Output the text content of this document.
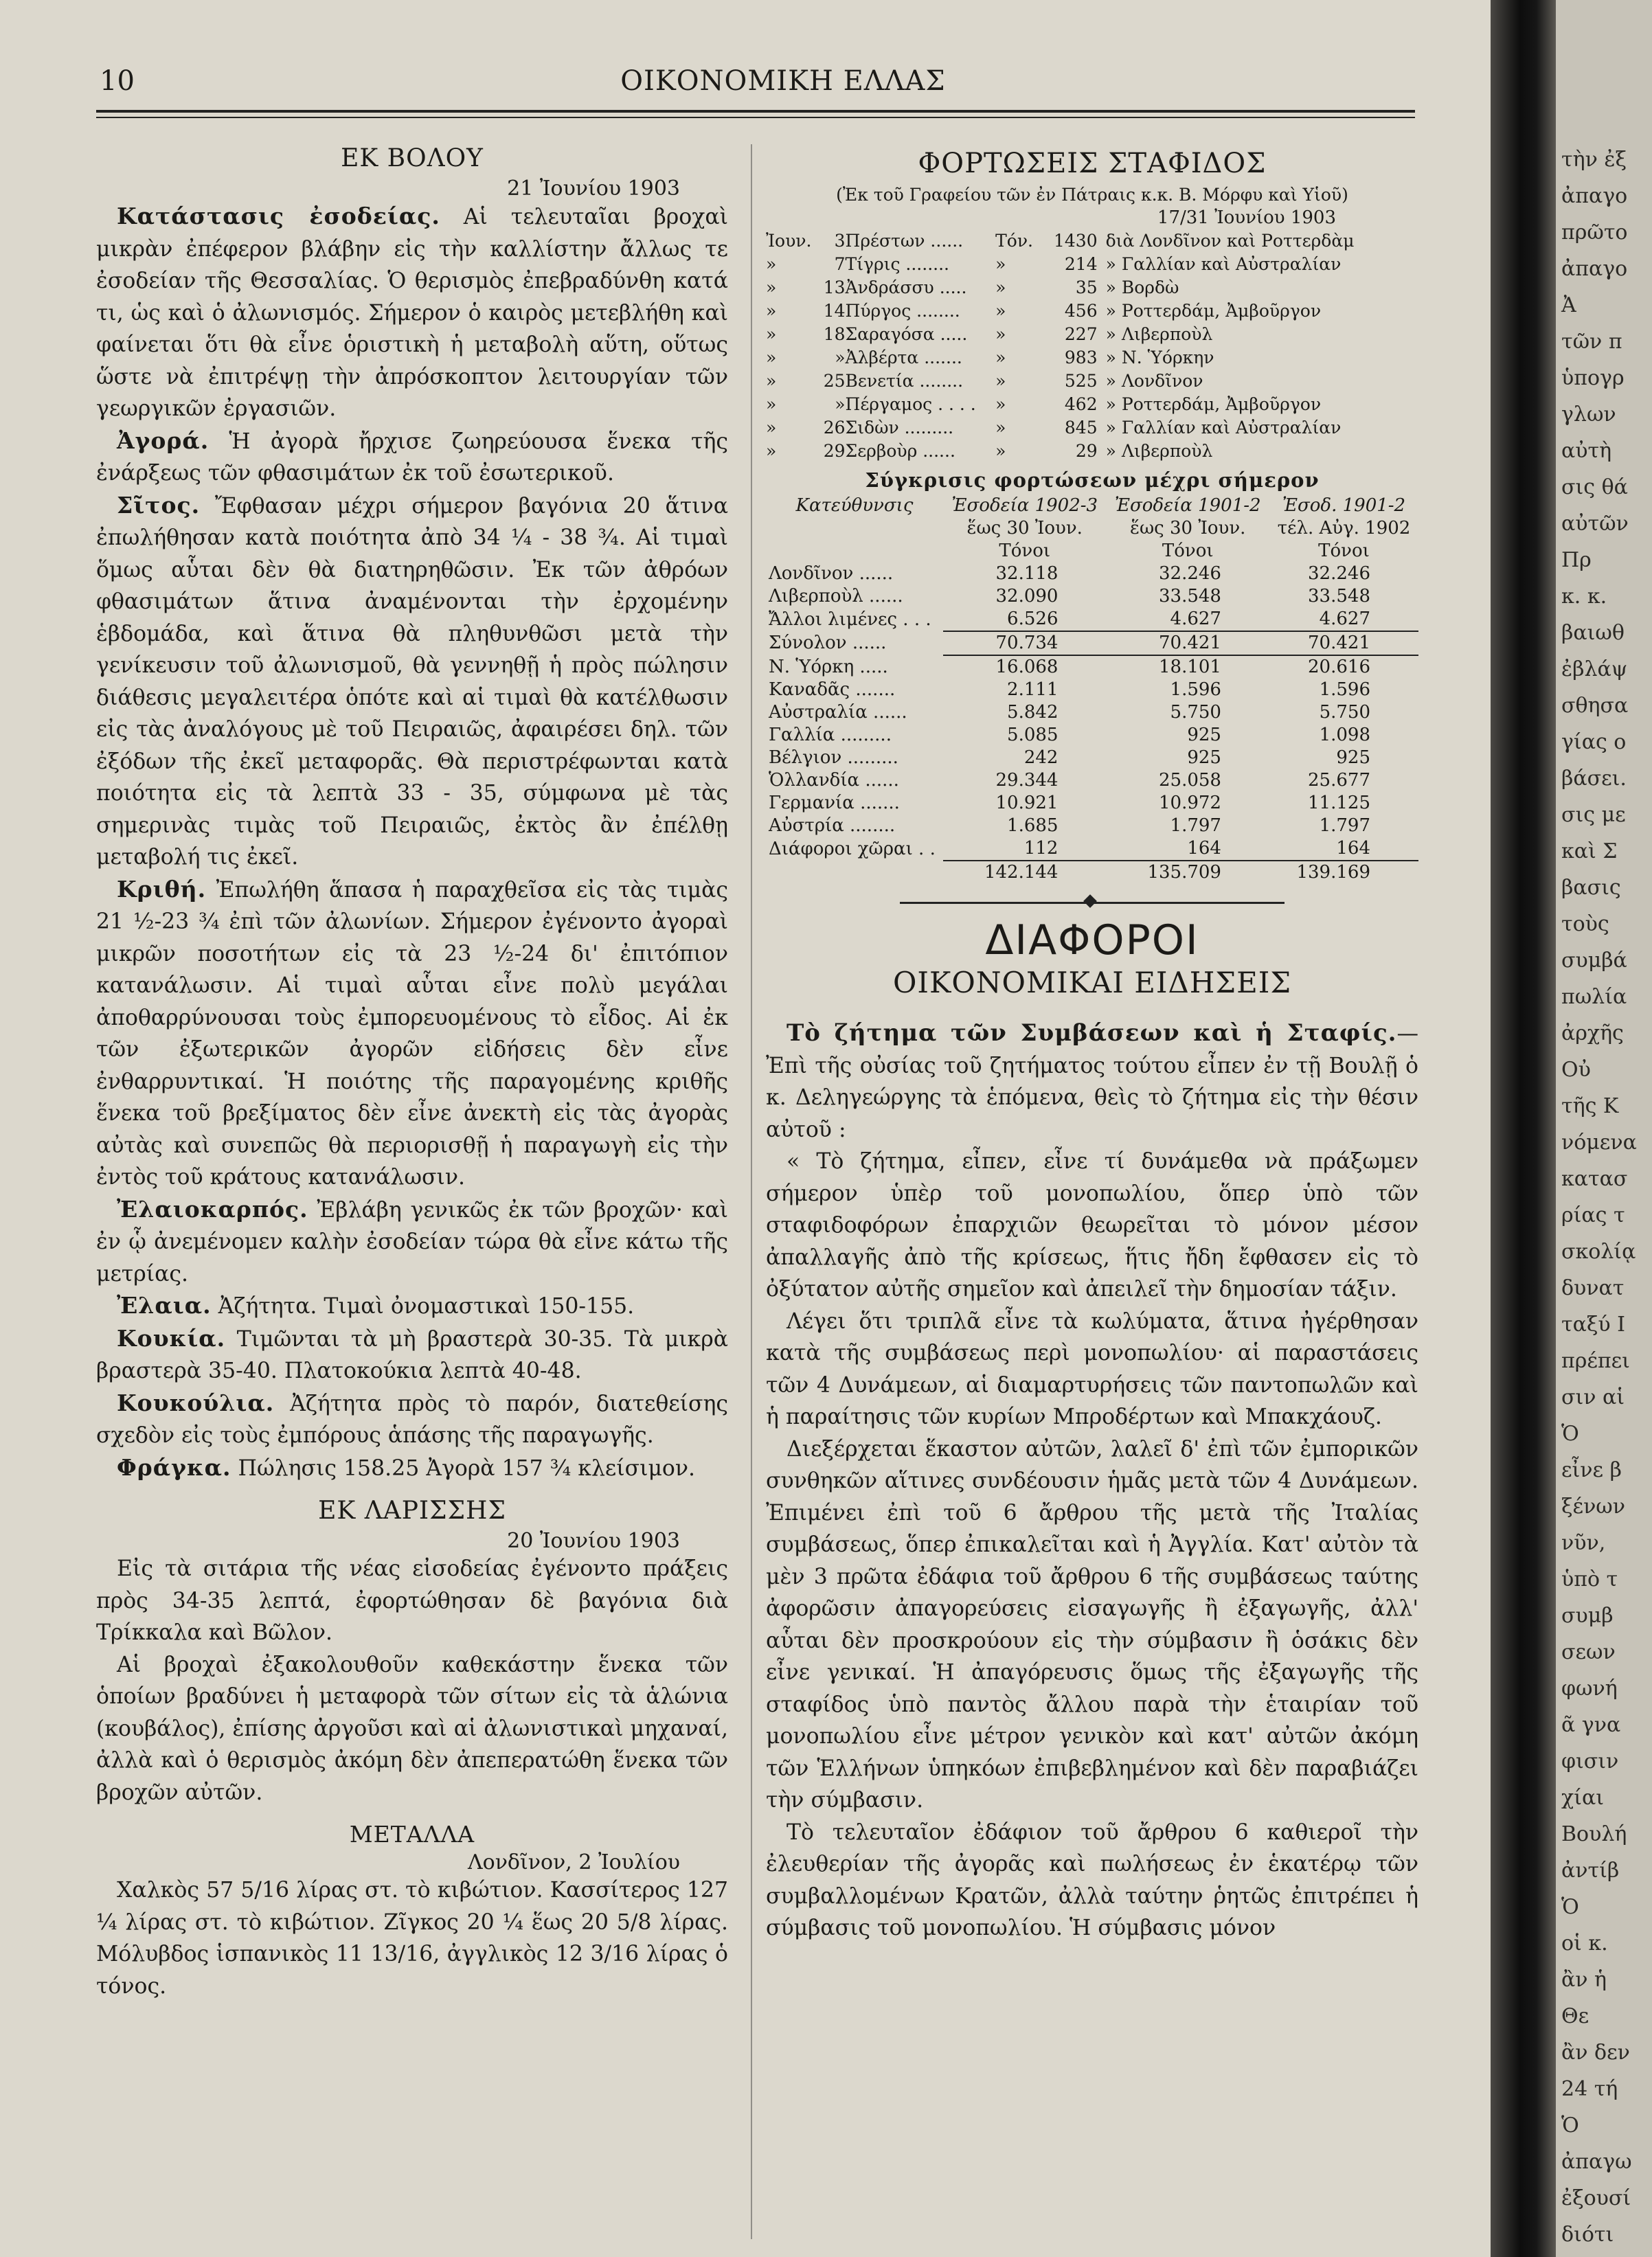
10	ΟΙΚΟΝΟΜΙΚΗ ΕΛΛΑΣ
ΕΚ ΒΟΛΟΥ
21 Ἰουνίου 1903

Κατάστασις ἐσοδείας. Αἱ τελευταῖαι βροχαὶ μικρὰν ἐπέφερον βλάβην εἰς τὴν καλλίστην ἄλλως τε ἐσοδείαν τῆς Θεσσαλίας. Ὁ θερισμὸς ἐπεβραδύνθη κατά τι, ὡς καὶ ὁ ἀλωνισμός. Σήμερον ὁ καιρὸς μετεβλήθη καὶ φαίνεται ὅτι θὰ εἶνε ὁριστικὴ ἡ μεταβολὴ αὕτη, οὕτως ὥστε νὰ ἐπιτρέψῃ τὴν ἀπρόσκοπτον λειτουργίαν τῶν γεωργικῶν ἐργασιῶν.

Ἀγορά. Ἡ ἀγορὰ ἤρχισε ζωηρεύουσα ἕνεκα τῆς ἐνάρξεως τῶν φθασιμάτων ἐκ τοῦ ἐσωτερικοῦ.

Σῖτος. Ἔφθασαν μέχρι σήμερον βαγόνια 20 ἅτινα ἐπωλήθησαν κατὰ ποιότητα ἀπὸ 34 ¼ - 38 ¾. Αἱ τιμαὶ ὅμως αὗται δὲν θὰ διατηρηθῶσιν. Ἐκ τῶν ἀθρόων φθασιμάτων ἅτινα ἀναμένονται τὴν ἐρχομένην ἑβδομάδα, καὶ ἅτινα θὰ πληθυνθῶσι μετὰ τὴν γενίκευσιν τοῦ ἀλωνισμοῦ, θὰ γεννηθῇ ἡ πρὸς πώλησιν διάθεσις μεγαλειτέρα ὁπότε καὶ αἱ τιμαὶ θὰ κατέλθωσιν εἰς τὰς ἀναλόγους μὲ τοῦ Πειραιῶς, ἀφαιρέσει δηλ. τῶν ἐξόδων τῆς ἐκεῖ μεταφορᾶς. Θὰ περιστρέφωνται κατὰ ποιότητα εἰς τὰ λεπτὰ 33 - 35, σύμφωνα μὲ τὰς σημερινὰς τιμὰς τοῦ Πειραιῶς, ἐκτὸς ἂν ἐπέλθῃ μεταβολή τις ἐκεῖ.

Κριθή. Ἐπωλήθη ἅπασα ἡ παραχθεῖσα εἰς τὰς τιμὰς 21 ½-23 ¾ ἐπὶ τῶν ἀλωνίων. Σήμερον ἐγένοντο ἀγοραὶ μικρῶν ποσοτήτων εἰς τὰ 23 ½-24 δι' ἐπιτόπιον κατανάλωσιν. Αἱ τιμαὶ αὗται εἶνε πολὺ μεγάλαι ἀποθαρρύνουσαι τοὺς ἐμπορευομένους τὸ εἶδος. Αἱ ἐκ τῶν ἐξωτερικῶν ἀγορῶν εἰδήσεις δὲν εἶνε ἐνθαρρυντικαί. Ἡ ποιότης τῆς παραγομένης κριθῆς ἕνεκα τοῦ βρεξίματος δὲν εἶνε ἀνεκτὴ εἰς τὰς ἀγορὰς αὐτὰς καὶ συνεπῶς θὰ περιορισθῇ ἡ παραγωγὴ εἰς τὴν ἐντὸς τοῦ κράτους κατανάλωσιν.

Ἐλαιοκαρπός. Ἐβλάβη γενικῶς ἐκ τῶν βροχῶν· καὶ ἐν ᾧ ἀνεμένομεν καλὴν ἐσοδείαν τώρα θὰ εἶνε κάτω τῆς μετρίας.

Ἐλαια. Ἀζήτητα. Τιμαὶ ὀνομαστικαὶ 150-155.

Κουκία. Τιμῶνται τὰ μὴ βραστερὰ 30-35. Τὰ μικρὰ βραστερὰ 35-40. Πλατοκούκια λεπτὰ 40-48.

Κουκούλια. Ἀζήτητα πρὸς τὸ παρόν, διατεθείσης σχεδὸν εἰς τοὺς ἐμπόρους ἁπάσης τῆς παραγωγῆς.

Φράγκα. Πώλησις 158.25 Ἀγορὰ 157 ¾ κλείσιμον.

ΕΚ ΛΑΡΙΣΣΗΣ
20 Ἰουνίου 1903

Εἰς τὰ σιτάρια τῆς νέας εἰσοδείας ἐγένοντο πράξεις πρὸς 34-35 λεπτά, ἐφορτώθησαν δὲ βαγόνια διὰ Τρίκκαλα καὶ Βῶλον.

Αἱ βροχαὶ ἐξακολουθοῦν καθεκάστην ἕνεκα τῶν ὁποίων βραδύνει ἡ μεταφορὰ τῶν σίτων εἰς τὰ ἁλώνια (κουβάλος), ἐπίσης ἀργοῦσι καὶ αἱ ἀλωνιστικαὶ μηχαναί, ἀλλὰ καὶ ὁ θερισμὸς ἀκόμη δὲν ἀπεπερατώθη ἕνεκα τῶν βροχῶν αὐτῶν.

ΜΕΤΑΛΛΑ
Λονδῖνον, 2 Ἰουλίου

Χαλκὸς 57 5/16 λίρας στ. τὸ κιβώτιον. Κασσίτερος 127 ¼ λίρας στ. τὸ κιβώτιον. Ζῖγκος 20 ¼ ἕως 20 5/8 λίρας. Μόλυβδος ἱσπανικὸς 11 13/16, ἀγγλικὸς 12 3/16 λίρας ὁ τόνος.

ΦΟΡΤΩΣΕΙΣ ΣΤΑΦΙΔΟΣ
(Ἐκ τοῦ Γραφείου τῶν ἐν Πάτραις κ.κ. Β. Μόρφυ καὶ Υἱοῦ)
17/31 Ἰουνίου 1903
Ἰουν.	3	Πρέστων ......	Τόν.	1430	διὰ Λονδῖνον καὶ Ροττερδὰμ
»	7	Τίγρις ........	»	214	» Γαλλίαν καὶ Αὐστραλίαν
»	13	Ἀνδράσσυ .....	»	35	» Βορδὼ
»	14	Πύργος ........	»	456	» Ροττερδάμ, Ἀμβοῦργον
»	18	Σαραγόσα .....	»	227	» Λιβερποὺλ
»	»	Ἀλβέρτα .......	»	983	» Ν. Ὑόρκην
»	25	Βενετία ........	»	525	» Λονδῖνον
»	»	Πέργαμος . . . .	»	462	» Ροττερδάμ, Ἀμβοῦργον
»	26	Σιδὼν .........	»	845	» Γαλλίαν καὶ Αὐστραλίαν
»	29	Σερβοὺρ ......	»	29	» Λιβερποὺλ
Σύγκρισις φορτώσεων μέχρι σήμερον
Κατεύθυνσις	Ἐσοδεία 1902-3	Ἐσοδεία 1901-2	Ἐσοδ. 1901-2
	ἕως 30 Ἰουν.	ἕως 30 Ἰουν.	τέλ. Αὐγ. 1902
	Τόνοι	Τόνοι	Τόνοι
Λονδῖνον ......	32.118	32.246	32.246
Λιβερποὺλ ......	32.090	33.548	33.548
Ἄλλοι λιμένες . . .	6.526	4.627	4.627
Σύνολον ......	70.734	70.421	70.421
Ν. Ὑόρκη .....	16.068	18.101	20.616
Καναδᾶς .......	2.111	1.596	1.596
Αὐστραλία ......	5.842	5.750	5.750
Γαλλία .........	5.085	925	1.098
Βέλγιον .........	242	925	925
Ὁλλανδία ......	29.344	25.058	25.677
Γερμανία .......	10.921	10.972	11.125
Αὐστρία ........	1.685	1.797	1.797
Διάφοροι χῶραι . .	112	164	164
	142.144	135.709	139.169
ΔΙΑΦΟΡΟΙ
ΟΙΚΟΝΟΜΙΚΑΙ ΕΙΔΗΣΕΙΣ

Τὸ ζήτημα τῶν Συμβάσεων καὶ ἡ Σταφίς.— Ἐπὶ τῆς οὐσίας τοῦ ζητήματος τούτου εἶπεν ἐν τῇ Βουλῇ ὁ κ. Δεληγεώργης τὰ ἑπόμενα, θεὶς τὸ ζήτημα εἰς τὴν θέσιν αὐτοῦ :

« Τὸ ζήτημα, εἶπεν, εἶνε τί δυνάμεθα νὰ πράξωμεν σήμερον ὑπὲρ τοῦ μονοπωλίου, ὅπερ ὑπὸ τῶν σταφιδοφόρων ἐπαρχιῶν θεωρεῖται τὸ μόνον μέσον ἀπαλλαγῆς ἀπὸ τῆς κρίσεως, ἥτις ἤδη ἔφθασεν εἰς τὸ ὀξύτατον αὐτῆς σημεῖον καὶ ἀπειλεῖ τὴν δημοσίαν τάξιν.

Λέγει ὅτι τριπλᾶ εἶνε τὰ κωλύματα, ἅτινα ἠγέρθησαν κατὰ τῆς συμβάσεως περὶ μονοπωλίου· αἱ παραστάσεις τῶν 4 Δυνάμεων, αἱ διαμαρτυρήσεις τῶν παντοπωλῶν καὶ ἡ παραίτησις τῶν κυρίων Μπροδέρτων καὶ Μπακχάουζ.

Διεξέρχεται ἕκαστον αὐτῶν, λαλεῖ δ' ἐπὶ τῶν ἐμπορικῶν συνθηκῶν αἵτινες συνδέουσιν ἡμᾶς μετὰ τῶν 4 Δυνάμεων. Ἐπιμένει ἐπὶ τοῦ 6 ἄρθρου τῆς μετὰ τῆς Ἰταλίας συμβάσεως, ὅπερ ἐπικαλεῖται καὶ ἡ Ἀγγλία. Κατ' αὐτὸν τὰ μὲν 3 πρῶτα ἐδάφια τοῦ ἄρθρου 6 τῆς συμβάσεως ταύτης ἀφορῶσιν ἀπαγορεύσεις εἰσαγωγῆς ἢ ἐξαγωγῆς, ἀλλ' αὗται δὲν προσκρούουν εἰς τὴν σύμβασιν ἢ ὁσάκις δὲν εἶνε γενικαί. Ἡ ἀπαγόρευσις ὅμως τῆς ἐξαγωγῆς τῆς σταφίδος ὑπὸ παντὸς ἄλλου παρὰ τὴν ἑταιρίαν τοῦ μονοπωλίου εἶνε μέτρον γενικὸν καὶ κατ' αὐτῶν ἀκόμη τῶν Ἑλλήνων ὑπηκόων ἐπιβεβλημένον καὶ δὲν παραβιάζει τὴν σύμβασιν.

Τὸ τελευταῖον ἐδάφιον τοῦ ἄρθρου 6 καθιεροῖ τὴν ἐλευθερίαν τῆς ἀγορᾶς καὶ πωλήσεως ἐν ἑκατέρῳ τῶν συμβαλλομένων Κρατῶν, ἀλλὰ ταύτην ῥητῶς ἐπιτρέπει ἡ σύμβασις τοῦ μονοπωλίου. Ἡ σύμβασις μόνον

τὴν ἐξ
ἀπαγο
πρῶτο
ἀπαγο
Ἀ
τῶν π
ὑπογρ
γλων
αὐτὴ
σις θά
αὐτῶν
Πρ
κ. κ.
βαιωθ
ἐβλάψ
σθησα
γίας ο
βάσει.
σις με
καὶ Σ
βασις
τοὺς
συμβά
πωλία
ἀρχῆς
Οὐ
τῆς Κ
νόμενα
κατασ
ρίας τ
σκολίᾳ
δυνατ
ταξύ I
πρέπει
σιν αἱ
Ὁ
εἶνε β
ξένων
νῦν,
ὑπὸ τ
συμβ
σεων
φωνή
ᾶ γνα
φισιν
χίαι
Βουλή
ἀντίβ
Ὁ
οἱ κ.
ἂν ἡ
Θε
ἂν δεν
24 τή
Ὁ
ἀπαγω
ἐξουσί
διότι
